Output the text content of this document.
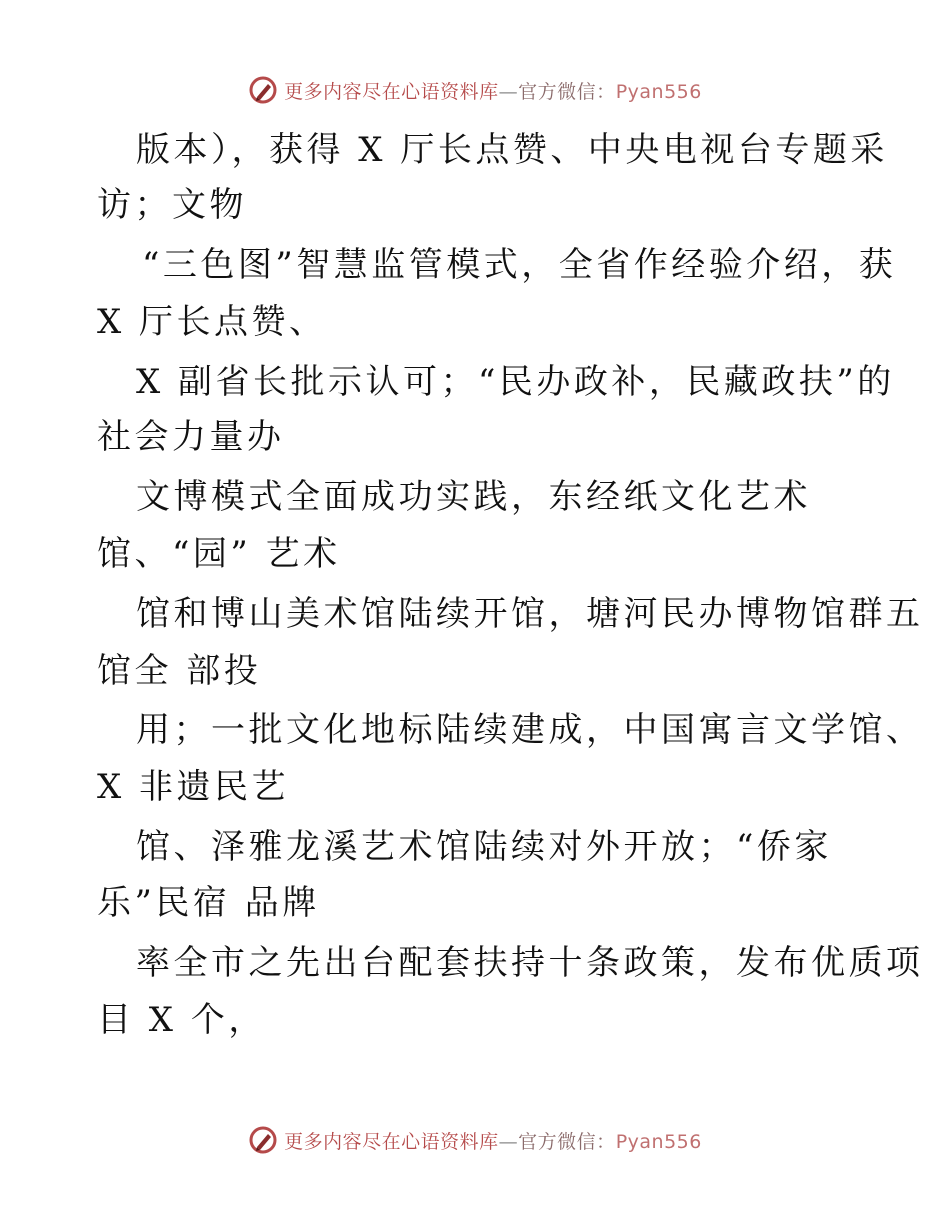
更多内容尽在心语资料库—官方微信：Pyan556
版本），获得 X 厅长点赞、中央电视台专题采
访；文物
“三色图”智慧监管模式，全省作经验介绍，获
X 厅长点赞、
X 副省长批示认可；“民办政补，民藏政扶”的
社会力量办
文博模式全面成功实践，东经纸文化艺术
馆、“园” 艺术
馆和博山美术馆陆续开馆，塘河民办博物馆群五
馆全 部投
用；一批文化地标陆续建成，中国寓言文学馆、
X 非遗民艺
馆、泽雅龙溪艺术馆陆续对外开放；“侨家
乐”民宿 品牌
率全市之先出台配套扶持十条政策，发布优质项
目 X 个，
更多内容尽在心语资料库—官方微信：Pyan556
